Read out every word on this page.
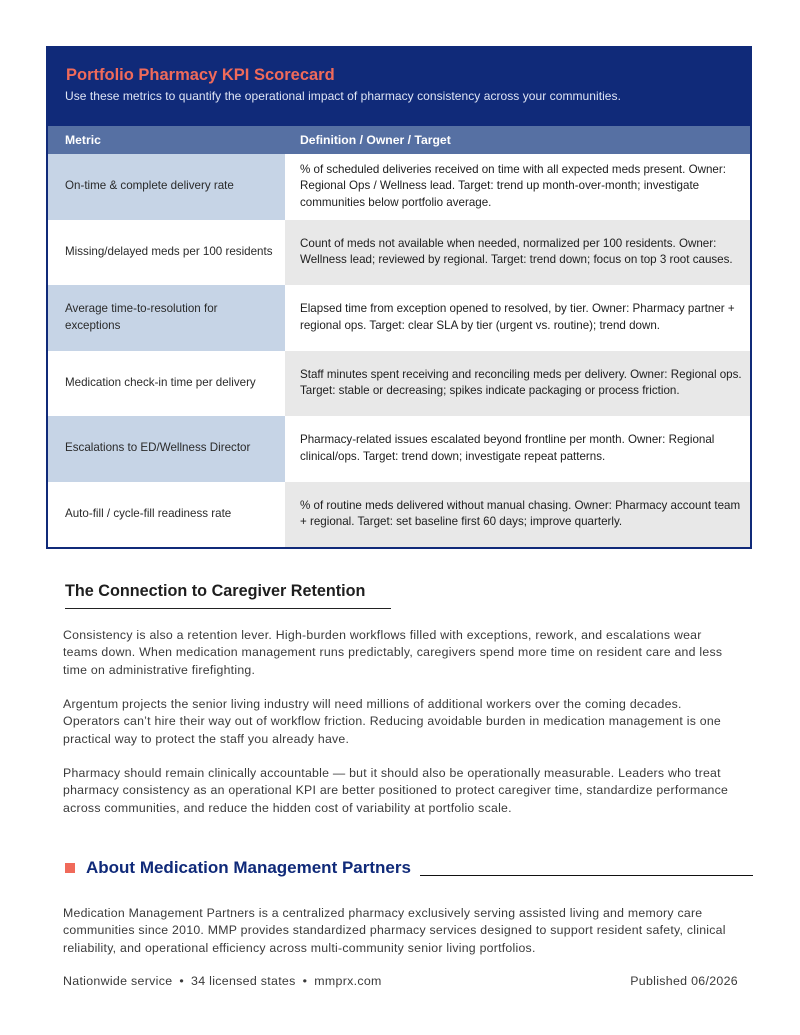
Portfolio Pharmacy KPI Scorecard
Use these metrics to quantify the operational impact of pharmacy consistency across your communities.
Metric	Definition / Owner / Target
On-time & complete delivery rate
% of scheduled deliveries received on time with all expected meds present. Owner: Regional Ops / Wellness lead. Target: trend up month-over-month; investigate communities below portfolio average.
Missing/delayed meds per 100 residents
Count of meds not available when needed, normalized per 100 residents. Owner: Wellness lead; reviewed by regional. Target: trend down; focus on top 3 root causes.
Average time-to-resolution for exceptions
Elapsed time from exception opened to resolved, by tier. Owner: Pharmacy partner + regional ops. Target: clear SLA by tier (urgent vs. routine); trend down.
Medication check-in time per delivery
Staff minutes spent receiving and reconciling meds per delivery. Owner: Regional ops. Target: stable or decreasing; spikes indicate packaging or process friction.
Escalations to ED/Wellness Director
Pharmacy-related issues escalated beyond frontline per month. Owner: Regional clinical/ops. Target: trend down; investigate repeat patterns.
Auto-fill / cycle-fill readiness rate
% of routine meds delivered without manual chasing. Owner: Pharmacy account team + regional. Target: set baseline first 60 days; improve quarterly.
The Connection to Caregiver Retention

Consistency is also a retention lever. High-burden workflows filled with exceptions, rework, and escalations wear teams down. When medication management runs predictably, caregivers spend more time on resident care and less time on administrative firefighting.

Argentum projects the senior living industry will need millions of additional workers over the coming decades. Operators can’t hire their way out of workflow friction. Reducing avoidable burden in medication management is one practical way to protect the staff you already have.

Pharmacy should remain clinically accountable — but it should also be operationally measurable. Leaders who treat pharmacy consistency as an operational KPI are better positioned to protect caregiver time, standardize performance across communities, and reduce the hidden cost of variability at portfolio scale.

About Medication Management Partners

Medication Management Partners is a centralized pharmacy exclusively serving assisted living and memory care communities since 2010. MMP provides standardized pharmacy services designed to support resident safety, clinical reliability, and operational efficiency across multi-community senior living portfolios.

Nationwide service • 34 licensed states • mmprx.com	Published 06/2026
